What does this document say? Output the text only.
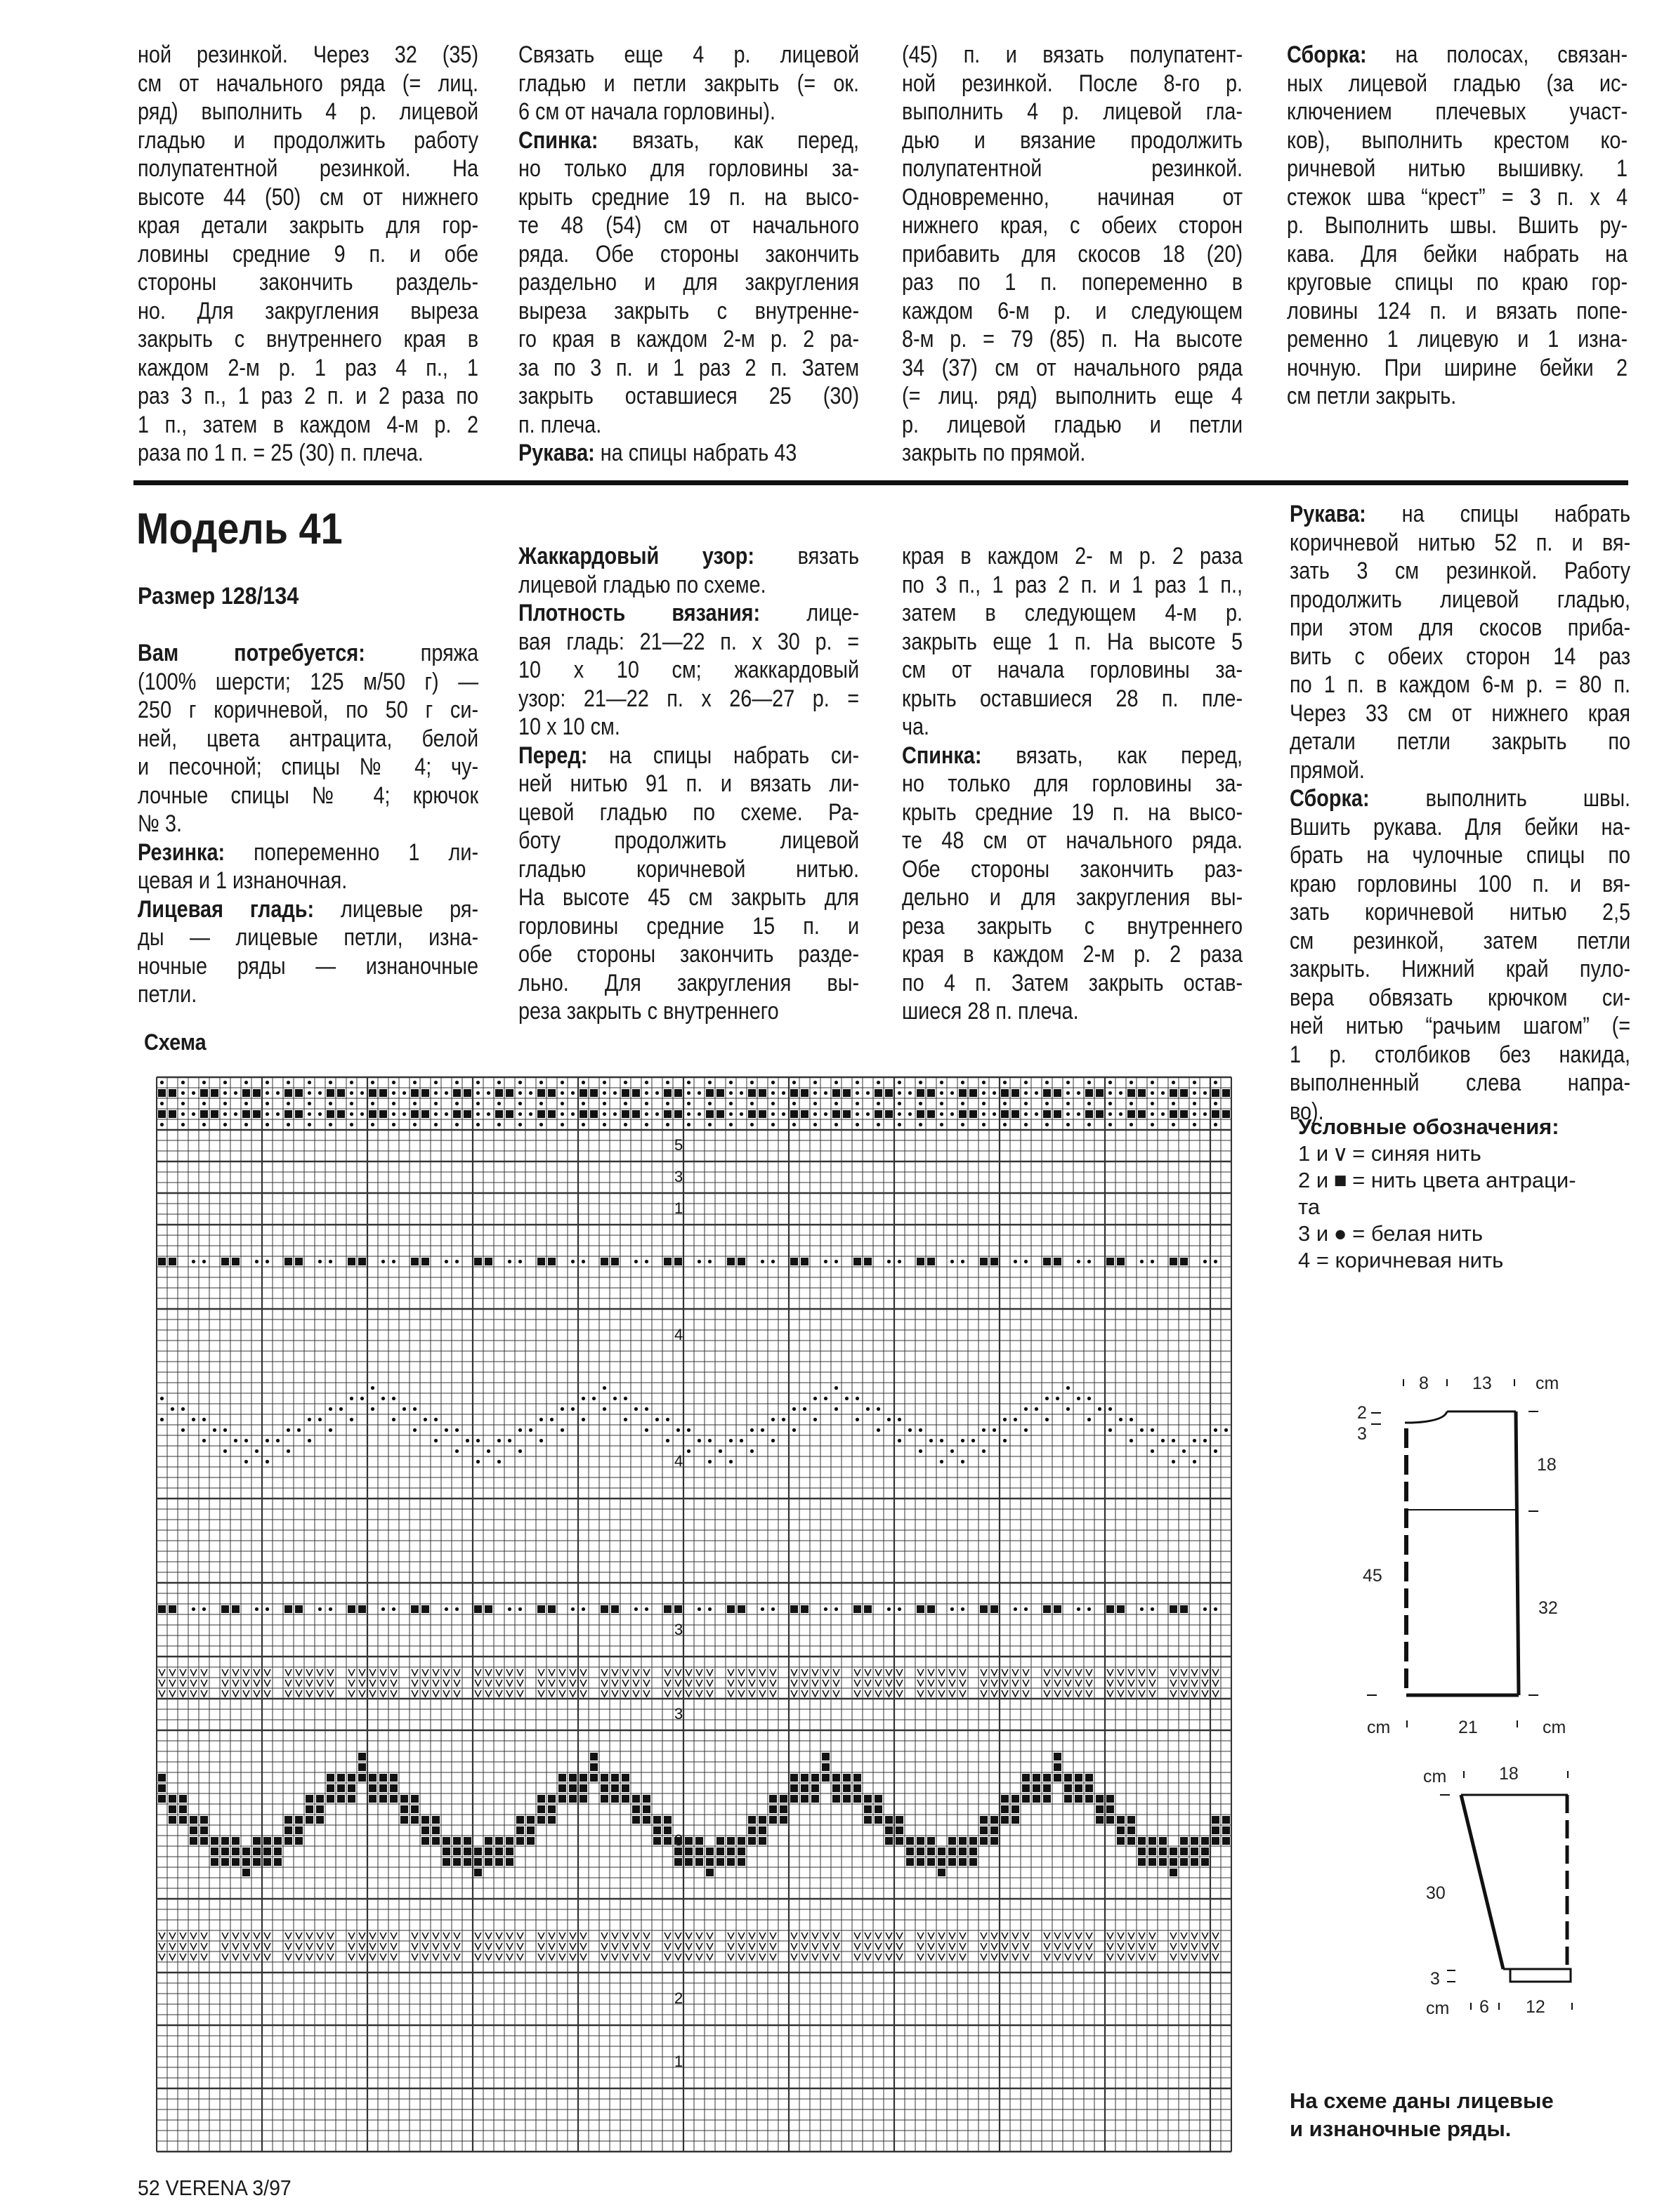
ной резинкой. Через 32 (35)
см от начального ряда (= лиц.
ряд) выполнить 4 р. лицевой
гладью и продолжить работу
полупатентной резинкой. На
высоте 44 (50) см от нижнего
края детали закрыть для гор-
ловины средние 9 п. и обе
стороны закончить раздель-
но. Для закругления выреза
закрыть с внутреннего края в
каждом 2-м р. 1 раз 4 п., 1
раз 3 п., 1 раз 2 п. и 2 раза по
1 п., затем в каждом 4-м р. 2
раза по 1 п. = 25 (30) п. плеча.
Связать еще 4 р. лицевой
гладью и петли закрыть (= ок.
6 см от начала горловины).
Спинка: вязать, как перед,
но только для горловины за-
крыть средние 19 п. на высо-
те 48 (54) см от начального
ряда. Обе стороны закончить
раздельно и для закругления
выреза закрыть с внутренне-
го края в каждом 2-м р. 2 ра-
за по 3 п. и 1 раз 2 п. Затем
закрыть оставшиеся 25 (30)
п. плеча.
Рукава: на спицы набрать 43
(45) п. и вязать полупатент-
ной резинкой. После 8-го р.
выполнить 4 р. лицевой гла-
дью и вязание продолжить
полупатентной резинкой.
Одновременно, начиная от
нижнего края, с обеих сторон
прибавить для скосов 18 (20)
раз по 1 п. попеременно в
каждом 6-м р. и следующем
8-м р. = 79 (85) п. На высоте
34 (37) см от начального ряда
(= лиц. ряд) выполнить еще 4
р. лицевой гладью и петли
закрыть по прямой.
Сборка: на полосах, связан-
ных лицевой гладью (за ис-
ключением плечевых участ-
ков), выполнить крестом ко-
ричневой нитью вышивку. 1
стежок шва “крест” = 3 п. х 4
р. Выполнить швы. Вшить ру-
кава. Для бейки набрать на
круговые спицы по краю гор-
ловины 124 п. и вязать попе-
ременно 1 лицевую и 1 изна-
ночную. При ширине бейки 2
см петли закрыть.
Модель 41
Размер 128/134
Вам потребуется: пряжа
(100% шерсти; 125 м/50 г) —
250 г коричневой, по 50 г си-
ней, цвета антрацита, белой
и песочной; спицы № 4; чу-
лочные спицы № 4; крючок
№ 3.
Резинка: попеременно 1 ли-
цевая и 1 изнаночная.
Лицевая гладь: лицевые ря-
ды — лицевые петли, изна-
ночные ряды — изнаночные
петли.
Жаккардовый узор: вязать
лицевой гладью по схеме.
Плотность вязания: лице-
вая гладь: 21—22 п. х 30 р. =
10 х 10 см; жаккардовый
узор: 21—22 п. х 26—27 р. =
10 х 10 см.
Перед: на спицы набрать си-
ней нитью 91 п. и вязать ли-
цевой гладью по схеме. Ра-
боту продолжить лицевой
гладью коричневой нитью.
На высоте 45 см закрыть для
горловины средние 15 п. и
обе стороны закончить разде-
льно. Для закругления вы-
реза закрыть с внутреннего
края в каждом 2- м р. 2 раза
по 3 п., 1 раз 2 п. и 1 раз 1 п.,
затем в следующем 4-м р.
закрыть еще 1 п. На высоте 5
см от начала горловины за-
крыть оставшиеся 28 п. пле-
ча.
Спинка: вязать, как перед,
но только для горловины за-
крыть средние 19 п. на высо-
те 48 см от начального ряда.
Обе стороны закончить раз-
дельно и для закругления вы-
реза закрыть с внутреннего
края в каждом 2-м р. 2 раза
по 4 п. Затем закрыть остав-
шиеся 28 п. плеча.
Рукава: на спицы набрать
коричневой нитью 52 п. и вя-
зать 3 см резинкой. Работу
продолжить лицевой гладью,
при этом для скосов приба-
вить с обеих сторон 14 раз
по 1 п. в каждом 6-м р. = 80 п.
Через 33 см от нижнего края
детали петли закрыть по
прямой.
Сборка: выполнить швы.
Вшить рукава. Для бейки на-
брать на чулочные спицы по
краю горловины 100 п. и вя-
зать коричневой нитью 2,5
см резинкой, затем петли
закрыть. Нижний край пуло-
вера обвязать крючком си-
ней нитью “рачьим шагом” (=
1 р. столбиков без накида,
выполненный слева напра-
во).
Схема
5
3
1
4
4
3
3
3
2
1
Условные обозначения:
1 и ∨ = синяя нить
2 и ■ = нить цвета антраци-
та
3 и ● = белая нить
4 = коричневая нить
8 13 cm
2
3
18
45
32
cm	21	cm
cm	18
30
3
cm 6 12
На схеме даны лицевые
и изнаночные ряды.
52 VERENA 3/97
